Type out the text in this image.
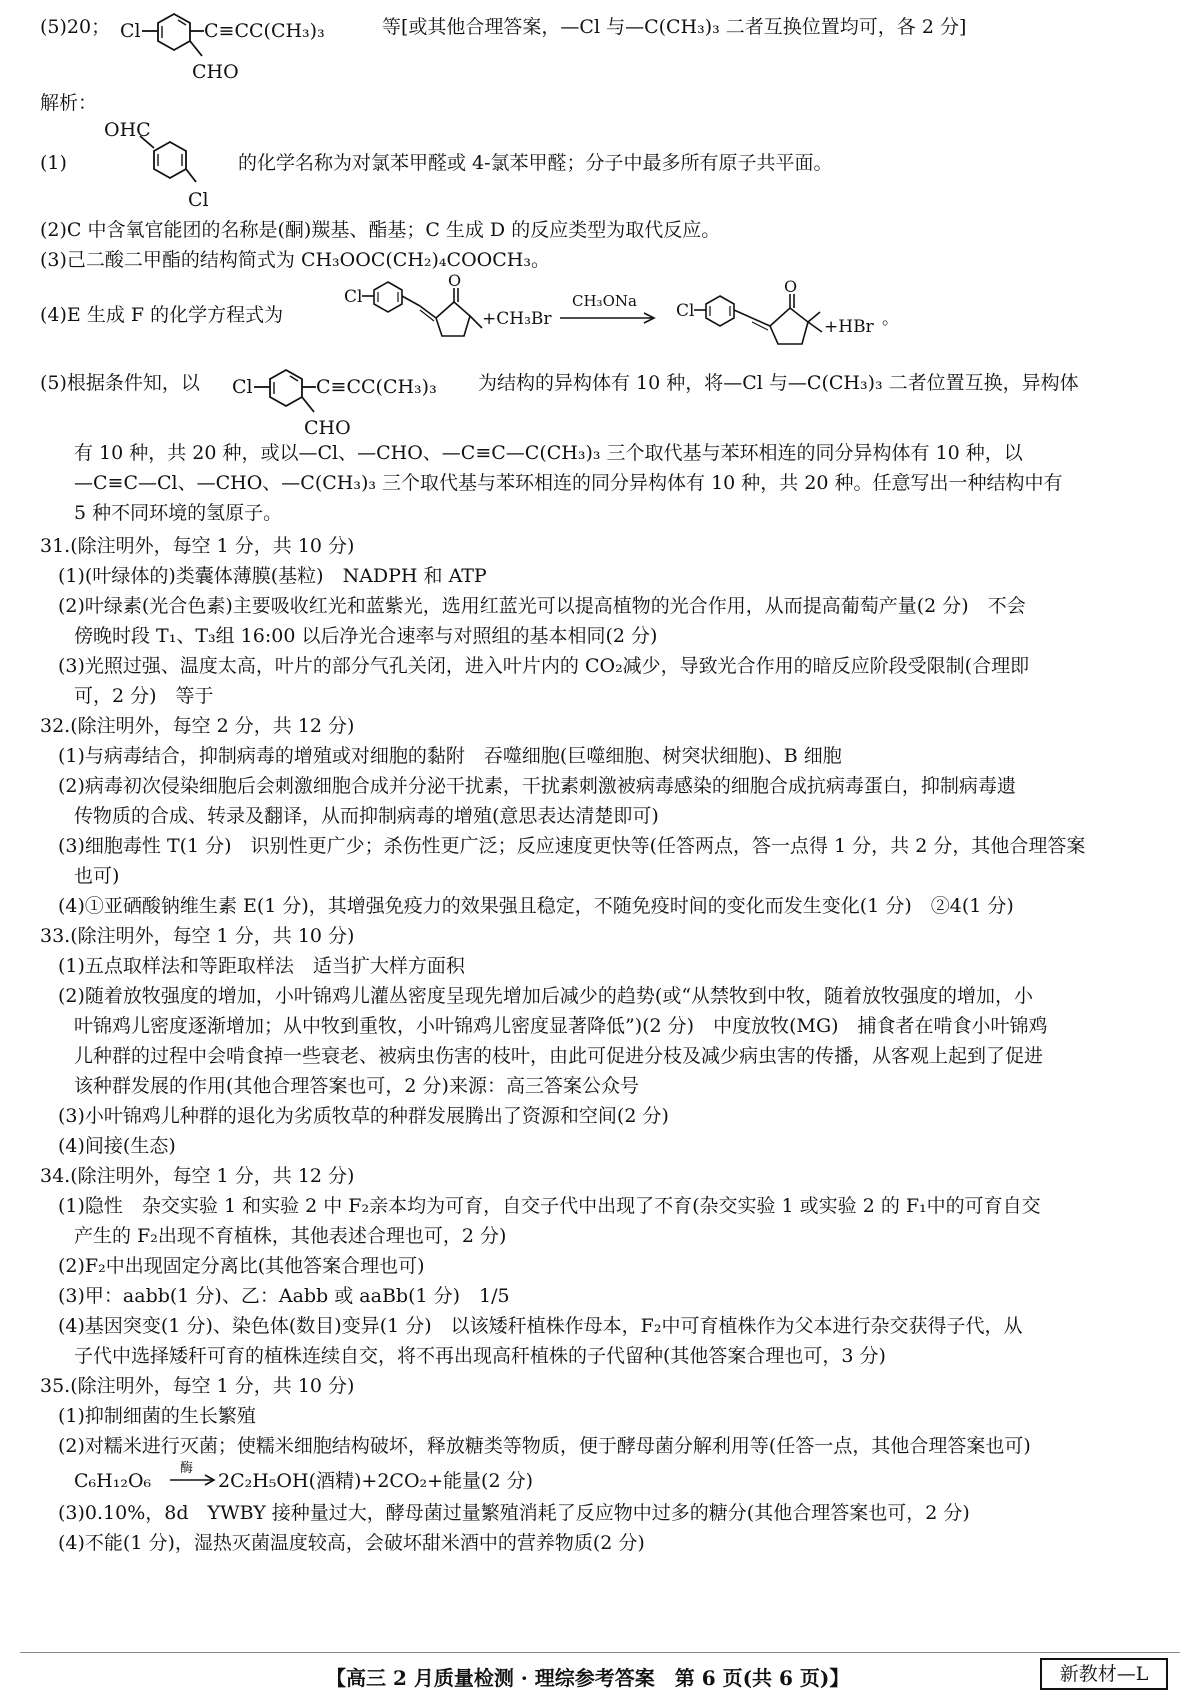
(5)20； Cl	C≡CC(CH₃)₃
CHO
等[或其他合理答案，—Cl 与—C(CH₃)₃ 二者互换位置均可，各 2 分]
解析：
(1)
OHC
Cl
的化学名称为对氯苯甲醛或 4-氯苯甲醛；分子中最多所有原子共平面。
(2)C 中含氧官能团的名称是(酮)羰基、酯基；C 生成 D 的反应类型为取代反应。
(3)己二酸二甲酯的结构简式为 CH₃OOC(CH₂)₄COOCH₃。
(4)E 生成 F 的化学方程式为
Cl
O
+CH₃Br
CH₃ONa Cl
O
+HBr 。
(5)根据条件知，以 Cl	C≡CC(CH₃)₃
CHO
为结构的异构体有 10 种，将—Cl 与—C(CH₃)₃ 二者位置互换，异构体
有 10 种，共 20 种，或以—Cl、—CHO、—C≡C—C(CH₃)₃ 三个取代基与苯环相连的同分异构体有 10 种，以
—C≡C—Cl、—CHO、—C(CH₃)₃ 三个取代基与苯环相连的同分异构体有 10 种，共 20 种。任意写出一种结构中有
5 种不同环境的氢原子。
31.(除注明外，每空 1 分，共 10 分)
(1)(叶绿体的)类囊体薄膜(基粒)　NADPH 和 ATP
(2)叶绿素(光合色素)主要吸收红光和蓝紫光，选用红蓝光可以提高植物的光合作用，从而提高葡萄产量(2 分)　不会
傍晚时段 T₁、T₃组 16:00 以后净光合速率与对照组的基本相同(2 分)
(3)光照过强、温度太高，叶片的部分气孔关闭，进入叶片内的 CO₂减少，导致光合作用的暗反应阶段受限制(合理即
可，2 分)　等于
32.(除注明外，每空 2 分，共 12 分)
(1)与病毒结合，抑制病毒的增殖或对细胞的黏附　吞噬细胞(巨噬细胞、树突状细胞)、B 细胞
(2)病毒初次侵染细胞后会刺激细胞合成并分泌干扰素，干扰素刺激被病毒感染的细胞合成抗病毒蛋白，抑制病毒遗
传物质的合成、转录及翻译，从而抑制病毒的增殖(意思表达清楚即可)
(3)细胞毒性 T(1 分)　识别性更广少；杀伤性更广泛；反应速度更快等(任答两点，答一点得 1 分，共 2 分，其他合理答案
也可)
(4)①亚硒酸钠维生素 E(1 分)，其增强免疫力的效果强且稳定，不随免疫时间的变化而发生变化(1 分)　②4(1 分)
33.(除注明外，每空 1 分，共 10 分)
(1)五点取样法和等距取样法　适当扩大样方面积
(2)随着放牧强度的增加，小叶锦鸡儿灌丛密度呈现先增加后减少的趋势(或“从禁牧到中牧，随着放牧强度的增加，小
叶锦鸡儿密度逐渐增加；从中牧到重牧，小叶锦鸡儿密度显著降低”)(2 分)　中度放牧(MG)　捕食者在啃食小叶锦鸡
儿种群的过程中会啃食掉一些衰老、被病虫伤害的枝叶，由此可促进分枝及减少病虫害的传播，从客观上起到了促进
该种群发展的作用(其他合理答案也可，2 分)来源：高三答案公众号
(3)小叶锦鸡儿种群的退化为劣质牧草的种群发展腾出了资源和空间(2 分)
(4)间接(生态)
34.(除注明外，每空 1 分，共 12 分)
(1)隐性　杂交实验 1 和实验 2 中 F₂亲本均为可育，自交子代中出现了不育(杂交实验 1 或实验 2 的 F₁中的可育自交
产生的 F₂出现不育植株，其他表述合理也可，2 分)
(2)F₂中出现固定分离比(其他答案合理也可)
(3)甲：aabb(1 分)、乙：Aabb 或 aaBb(1 分)　1/5
(4)基因突变(1 分)、染色体(数目)变异(1 分)　以该矮秆植株作母本，F₂中可育植株作为父本进行杂交获得子代，从
子代中选择矮秆可育的植株连续自交，将不再出现高秆植株的子代留种(其他答案合理也可，3 分)
35.(除注明外，每空 1 分，共 10 分)
(1)抑制细菌的生长繁殖
(2)对糯米进行灭菌；使糯米细胞结构破坏，释放糖类等物质，便于酵母菌分解利用等(任答一点，其他合理答案也可)
C₆H₁₂O₆
酶
2C₂H₅OH(酒精)+2CO₂+能量(2 分)
(3)0.10%，8d　YWBY 接种量过大，酵母菌过量繁殖消耗了反应物中过多的糖分(其他合理答案也可，2 分)
(4)不能(1 分)，湿热灭菌温度较高，会破坏甜米酒中的营养物质(2 分)
【高三 2 月质量检测 · 理综参考答案　第 6 页(共 6 页)】	新教材—L
